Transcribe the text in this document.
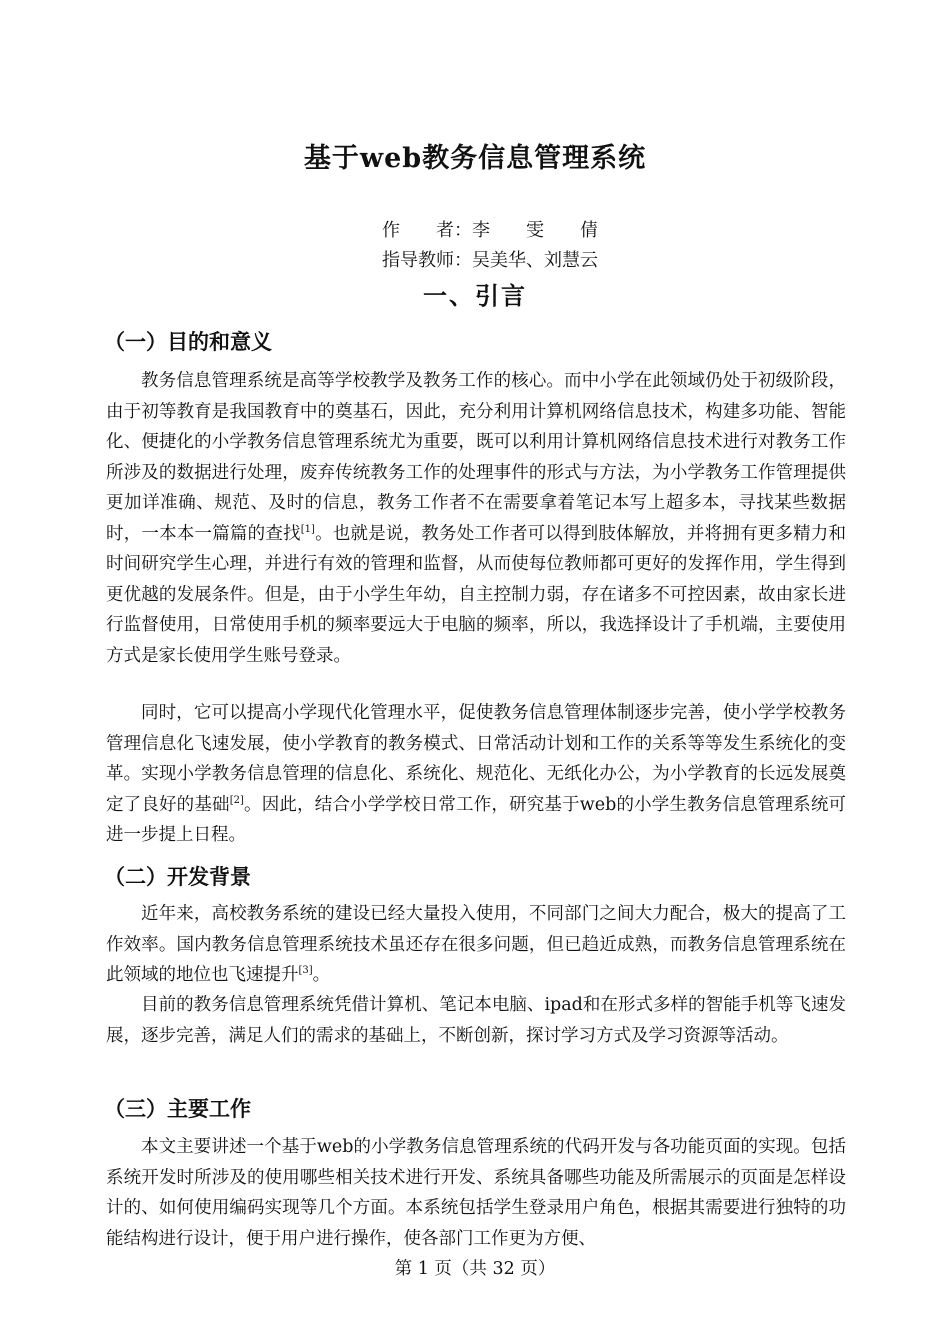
基于web教务信息管理系统
作　　者：李　　雯　　倩
指导教师：吴美华、刘慧云
一、引言
（一）目的和意义
教务信息管理系统是高等学校教学及教务工作的核心。而中小学在此领域仍处于初级阶段，由于初等教育是我国教育中的奠基石，因此，充分利用计算机网络信息技术，构建多功能、智能化、便捷化的小学教务信息管理系统尤为重要，既可以利用计算机网络信息技术进行对教务工作所涉及的数据进行处理，废弃传统教务工作的处理事件的形式与方法，为小学教务工作管理提供更加详准确、规范、及时的信息，教务工作者不在需要拿着笔记本写上超多本，寻找某些数据时，一本本一篇篇的查找[1]。也就是说，教务处工作者可以得到肢体解放，并将拥有更多精力和时间研究学生心理，并进行有效的管理和监督，从而使每位教师都可更好的发挥作用，学生得到更优越的发展条件。但是，由于小学生年幼，自主控制力弱，存在诸多不可控因素，故由家长进行监督使用，日常使用手机的频率要远大于电脑的频率，所以，我选择设计了手机端，主要使用方式是家长使用学生账号登录。
同时，它可以提高小学现代化管理水平，促使教务信息管理体制逐步完善，使小学学校教务管理信息化飞速发展，使小学教育的教务模式、日常活动计划和工作的关系等等发生系统化的变革。实现小学教务信息管理的信息化、系统化、规范化、无纸化办公，为小学教育的长远发展奠定了良好的基础[2]。因此，结合小学学校日常工作，研究基于web的小学生教务信息管理系统可进一步提上日程。
（二）开发背景
近年来，高校教务系统的建设已经大量投入使用，不同部门之间大力配合，极大的提高了工作效率。国内教务信息管理系统技术虽还存在很多问题，但已趋近成熟，而教务信息管理系统在此领域的地位也飞速提升[3]。
目前的教务信息管理系统凭借计算机、笔记本电脑、ipad和在形式多样的智能手机等飞速发展，逐步完善，满足人们的需求的基础上，不断创新，探讨学习方式及学习资源等活动。
（三）主要工作
本文主要讲述一个基于web的小学教务信息管理系统的代码开发与各功能页面的实现。包括系统开发时所涉及的使用哪些相关技术进行开发、系统具备哪些功能及所需展示的页面是怎样设计的、如何使用编码实现等几个方面。本系统包括学生登录用户角色，根据其需要进行独特的功能结构进行设计，便于用户进行操作，使各部门工作更为方便、
第 1 页（共 32 页）
